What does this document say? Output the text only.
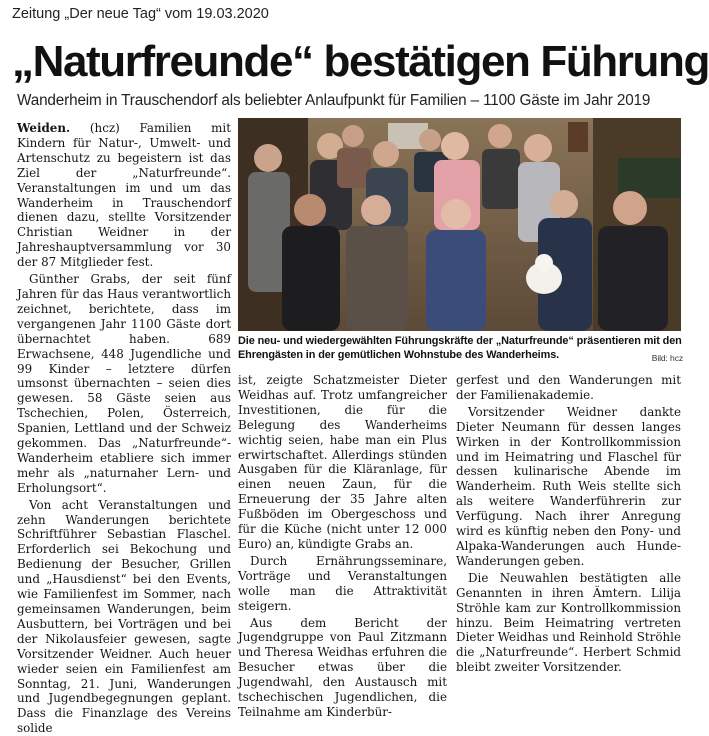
Zeitung „Der neue Tag“ vom 19.03.2020
„Naturfreunde“ bestätigen Führung
Wanderheim in Trauschendorf als beliebter Anlaufpunkt für Familien – 1100 Gäste im Jahr 2019

Weiden. (hcz) Familien mit Kindern für Natur-, Umwelt- und Artenschutz zu begeistern ist das Ziel der „Naturfreunde“. Veranstaltungen im und um das Wanderheim in Trauschendorf dienen dazu, stellte Vorsitzender Christian Weidner in der Jahreshauptversammlung vor 30 der 87 Mitglieder fest.

Günther Grabs, der seit fünf Jahren für das Haus verantwortlich zeichnet, berichtete, dass im vergangenen Jahr 1100 Gäste dort übernachtet haben. 689 Erwachsene, 448 Jugendliche und 99 Kinder – letztere dürfen umsonst übernachten – seien dies gewesen. 58 Gäste seien aus Tschechien, Polen, Österreich, Spanien, Lettland und der Schweiz gekommen. Das „Naturfreunde“-Wanderheim etabliere sich immer mehr als „naturnaher Lern- und Erholungsort“.

Von acht Veranstaltungen und zehn Wanderungen berichtete Schriftführer Sebastian Flaschel. Erforderlich sei Bekochung und Bedienung der Besucher, Grillen und „Hausdienst“ bei den Events, wie Familienfest im Sommer, nach gemeinsamen Wanderungen, beim Ausbuttern, bei Vorträgen und bei der Nikolausfeier gewesen, sagte Vorsitzender Weidner. Auch heuer wieder seien ein Familienfest am Sonntag, 21. Juni, Wanderungen und Jugendbegegnungen geplant. Dass die Finanzlage des Vereins solide

Die neu- und wiedergewählten Führungskräfte der „Naturfreunde“ präsentieren mit den Ehrengästen in der gemütlichen Wohnstube des Wanderheims.	Bild: hcz

ist, zeigte Schatzmeister Dieter Weidhas auf. Trotz umfangreicher Investitionen, die für die Belegung des Wanderheims wichtig seien, habe man ein Plus erwirtschaftet. Allerdings stünden Ausgaben für die Kläranlage, für einen neuen Zaun, für die Erneuerung der 35 Jahre alten Fußböden im Obergeschoss und für die Küche (nicht unter 12 000 Euro) an, kündigte Grabs an.

Durch Ernährungsseminare, Vorträge und Veranstaltungen wolle man die Attraktivität steigern.

Aus dem Bericht der Jugendgruppe von Paul Zitzmann und Theresa Weidhas erfuhren die Besucher etwas über die Jugendwahl, den Austausch mit tschechischen Jugendlichen, die Teilnahme am Kinderbür-

gerfest und den Wanderungen mit der Familienakademie.

Vorsitzender Weidner dankte Dieter Neumann für dessen langes Wirken in der Kontrollkommission und im Heimatring und Flaschel für dessen kulinarische Abende im Wanderheim. Ruth Weis stellte sich als weitere Wanderführerin zur Verfügung. Nach ihrer Anregung wird es künftig neben den Pony- und Alpaka-Wanderungen auch Hunde-Wanderungen geben.

Die Neuwahlen bestätigten alle Genannten in ihren Ämtern. Lilija Ströhle kam zur Kontrollkommission hinzu. Beim Heimatring vertreten Dieter Weidhas und Reinhold Ströhle die „Naturfreunde“. Herbert Schmid bleibt zweiter Vorsitzender.
